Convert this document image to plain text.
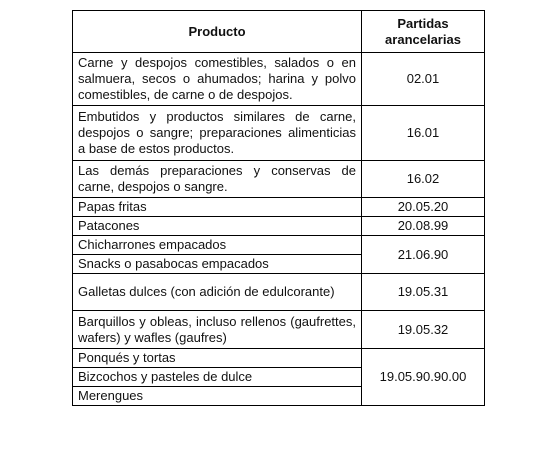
Producto	Partidas arancelarias
Carne y despojos comestibles, salados o en salmuera, secos o ahumados; harina y polvo comestibles, de carne o de despojos.	02.01
Embutidos y productos similares de carne, despojos o sangre; preparaciones alimenticias a base de estos productos.	16.01
Las demás preparaciones y conservas de carne, despojos o sangre.	16.02
Papas fritas	20.05.20
Patacones	20.08.99
Chicharrones empacados	21.06.90
Snacks o pasabocas empacados	
Galletas dulces (con adición de edulcorante)	19.05.31
Barquillos y obleas, incluso rellenos (gaufrettes, wafers) y wafles (gaufres)	19.05.32
Ponqués y tortas	19.05.90.90.00
Bizcochos y pasteles de dulce	
Merengues	
